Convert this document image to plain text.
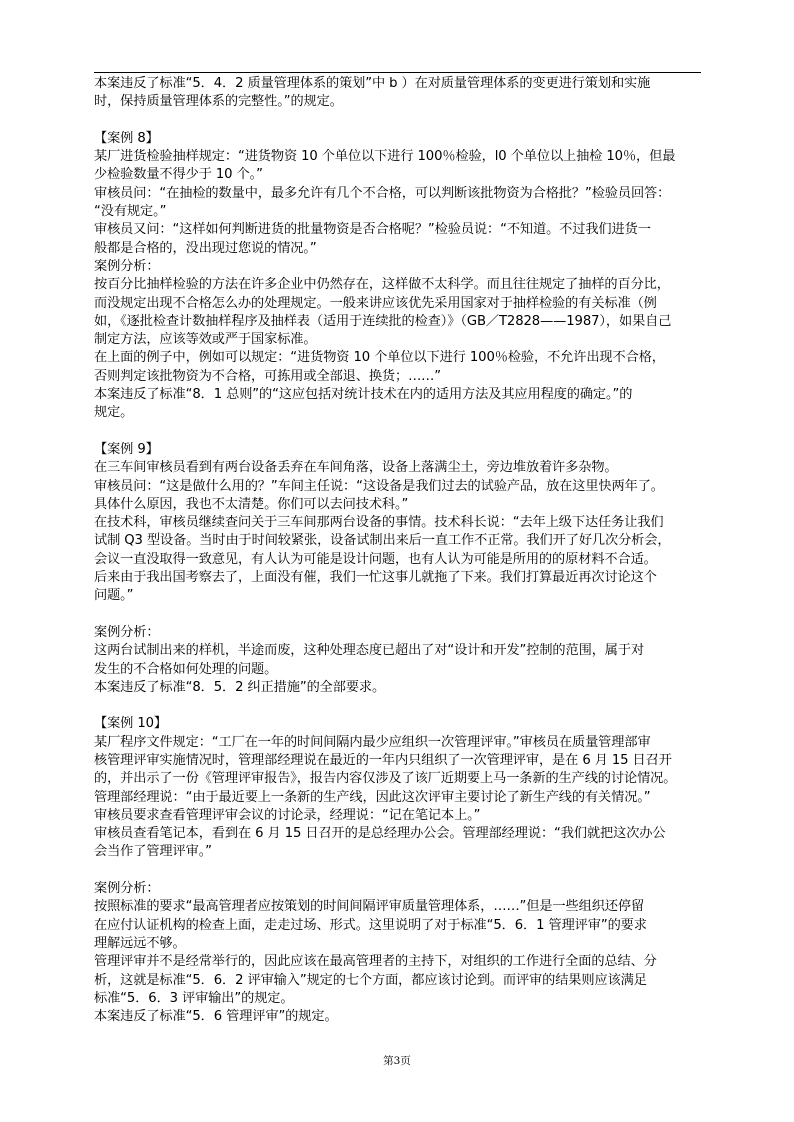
本案违反了标准“5．4．2 质量管理体系的策划”中 b ）在对质量管理体系的变更进行策划和实施

时，保持质量管理体系的完整性。”的规定。

【案例 8】

某厂进货检验抽样规定：“进货物资 10 个单位以下进行 100％检验，l0 个单位以上抽检 10％，但最

少检验数量不得少于 10 个。”

审核员问：“在抽检的数量中，最多允许有几个不合格，可以判断该批物资为合格批？”检验员回答：

“没有规定。”

审核员又问：“这样如何判断进货的批量物资是否合格呢？”检验员说：“不知道。不过我们进货一

般都是合格的，没出现过您说的情况。”

案例分析：

按百分比抽样检验的方法在许多企业中仍然存在，这样做不太科学。而且往往规定了抽样的百分比，

而没规定出现不合格怎么办的处理规定。一般来讲应该优先采用国家对于抽样检验的有关标准（例

如，《逐批检查计数抽样程序及抽样表（适用于连续批的检查）》（GB／T2828——1987），如果自己

制定方法，应该等效或严于国家标准。

在上面的例子中，例如可以规定：“进货物资 10 个单位以下进行 100％检验，不允许出现不合格，

否则判定该批物资为不合格，可拣用或全部退、换货；……”

本案违反了标准“8．1 总则”的“这应包括对统计技术在内的适用方法及其应用程度的确定。”的

规定。

【案例 9】

在三车间审核员看到有两台设备丢弃在车间角落，设备上落满尘土，旁边堆放着许多杂物。

审核员问：“这是做什么用的？”车间主任说：“这设备是我们过去的试验产品，放在这里快两年了。

具体什么原因，我也不太清楚。你们可以去问技术科。”

在技术科，审核员继续查问关于三车间那两台设备的事情。技术科长说：“去年上级下达任务让我们

试制 Q3 型设备。当时由于时间较紧张，设备试制出来后一直工作不正常。我们开了好几次分析会，

会议一直没取得一致意见，有人认为可能是设计问题，也有人认为可能是所用的的原材料不合适。

后来由于我出国考察去了，上面没有催，我们一忙这事儿就拖了下来。我们打算最近再次讨论这个

问题。”

案例分析：

这两台试制出来的样机，半途而废，这种处理态度已超出了对“设计和开发”控制的范围，属于对

发生的不合格如何处理的问题。

本案违反了标准“8．5．2 纠正措施”的全部要求。

【案例 10】

某厂程序文件规定：“工厂在一年的时间间隔内最少应组织一次管理评审。”审核员在质量管理部审

核管理评审实施情况时，管理部经理说在最近的一年内只组织了一次管理评审，是在 6 月 15 日召开

的，并出示了一份《管理评审报告》，报告内容仅涉及了该厂近期要上马一条新的生产线的讨论情况。

管理部经理说：“由于最近要上一条新的生产线，因此这次评审主要讨论了新生产线的有关情况。”

审核员要求查看管理评审会议的讨论录，经理说：“记在笔记本上。”

审核员查看笔记本，看到在 6 月 15 日召开的是总经理办公会。管理部经理说：“我们就把这次办公

会当作了管理评审。”

案例分析：

按照标准的要求“最高管理者应按策划的时间间隔评审质量管理体系，……”但是一些组织还停留

在应付认证机构的检查上面，走走过场、形式。这里说明了对于标准“5．6．1 管理评审”的要求

理解远远不够。

管理评审并不是经常举行的，因此应该在最高管理者的主持下，对组织的工作进行全面的总结、分

析，这就是标准“5．6．2 评审输入”规定的七个方面，都应该讨论到。而评审的结果则应该满足

标准“5．6．3 评审输出”的规定。

本案违反了标准“5．6 管理评审”的规定。

第3页
